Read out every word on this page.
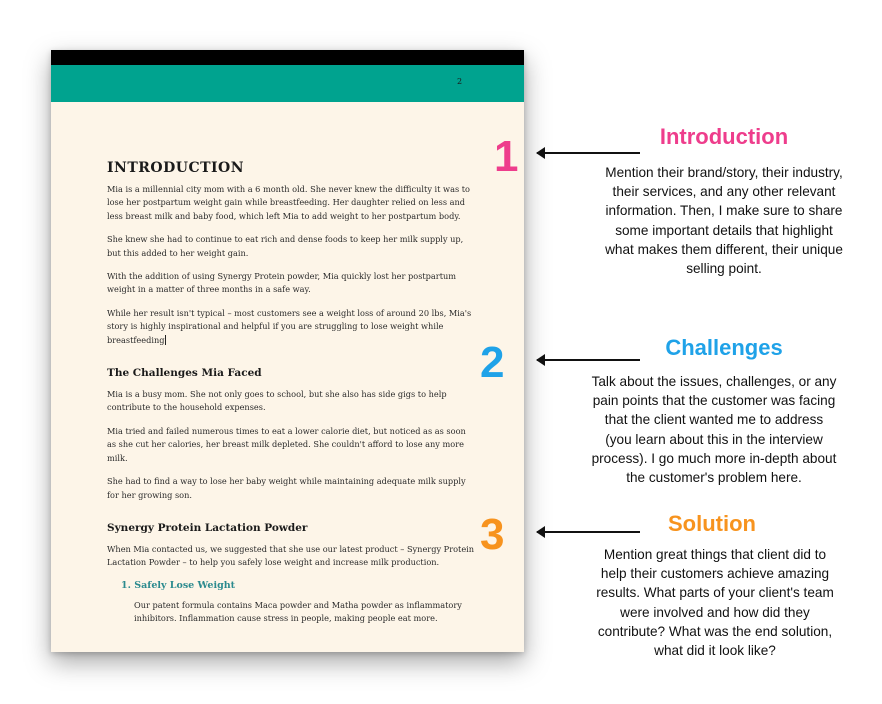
2
INTRODUCTION

Mia is a millennial city mom with a 6 month old. She never knew the difficulty it was to lose her postpartum weight gain while breastfeeding. Her daughter relied on less and less breast milk and baby food, which left Mia to add weight to her postpartum body.

She knew she had to continue to eat rich and dense foods to keep her milk supply up, but this added to her weight gain.

With the addition of using Synergy Protein powder, Mia quickly lost her postpartum weight in a matter of three months in a safe way.

While her result isn't typical – most customers see a weight loss of around 20 lbs, Mia's story is highly inspirational and helpful if you are struggling to lose weight while breastfeeding

The Challenges Mia Faced

Mia is a busy mom. She not only goes to school, but she also has side gigs to help contribute to the household expenses.

Mia tried and failed numerous times to eat a lower calorie diet, but noticed as as soon as she cut her calories, her breast milk depleted. She couldn't afford to lose any more milk.

She had to find a way to lose her baby weight while maintaining adequate milk supply for her growing son.

Synergy Protein Lactation Powder

When Mia contacted us, we suggested that she use our latest product – Synergy Protein Lactation Powder – to help you safely lose weight and increase milk production.

1. Safely Lose Weight

Our patent formula contains Maca powder and Matha powder as inflammatory inhibitors. Inflammation cause stress in people, making people eat more.

1	Introduction
Mention their brand/story, their industry, their services, and any other relevant information. Then, I make sure to share some important details that highlight what makes them different, their unique selling point.
2	Challenges
Talk about the issues, challenges, or any pain points that the customer was facing that the client wanted me to address (you learn about this in the interview process). I go much more in-depth about the customer's problem here.
3	Solution
Mention great things that client did to help their customers achieve amazing results. What parts of your client's team were involved and how did they contribute? What was the end solution, what did it look like?
